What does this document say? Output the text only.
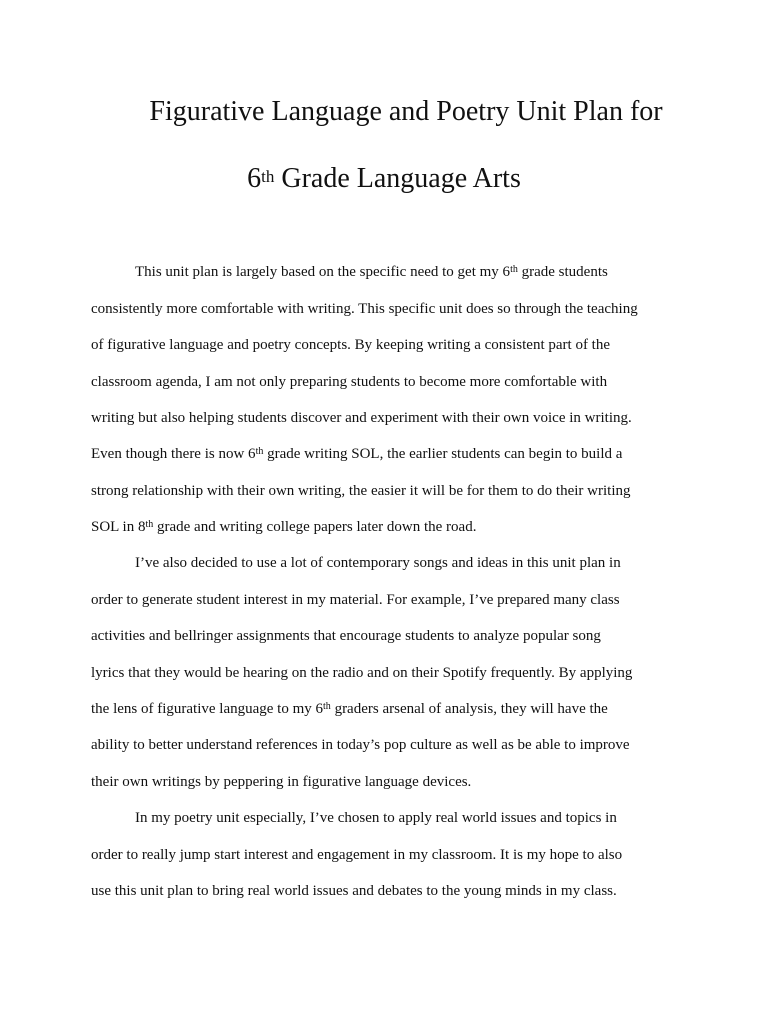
Figurative Language and Poetry Unit Plan for
6th Grade Language Arts
This unit plan is largely based on the specific need to get my 6th grade students
consistently more comfortable with writing. This specific unit does so through the teaching
of figurative language and poetry concepts. By keeping writing a consistent part of the
classroom agenda, I am not only preparing students to become more comfortable with
writing but also helping students discover and experiment with their own voice in writing.
Even though there is now 6th grade writing SOL, the earlier students can begin to build a
strong relationship with their own writing, the easier it will be for them to do their writing
SOL in 8th grade and writing college papers later down the road.
I’ve also decided to use a lot of contemporary songs and ideas in this unit plan in
order to generate student interest in my material. For example, I’ve prepared many class
activities and bellringer assignments that encourage students to analyze popular song
lyrics that they would be hearing on the radio and on their Spotify frequently. By applying
the lens of figurative language to my 6th graders arsenal of analysis, they will have the
ability to better understand references in today’s pop culture as well as be able to improve
their own writings by peppering in figurative language devices.
In my poetry unit especially, I’ve chosen to apply real world issues and topics in
order to really jump start interest and engagement in my classroom. It is my hope to also
use this unit plan to bring real world issues and debates to the young minds in my class.
